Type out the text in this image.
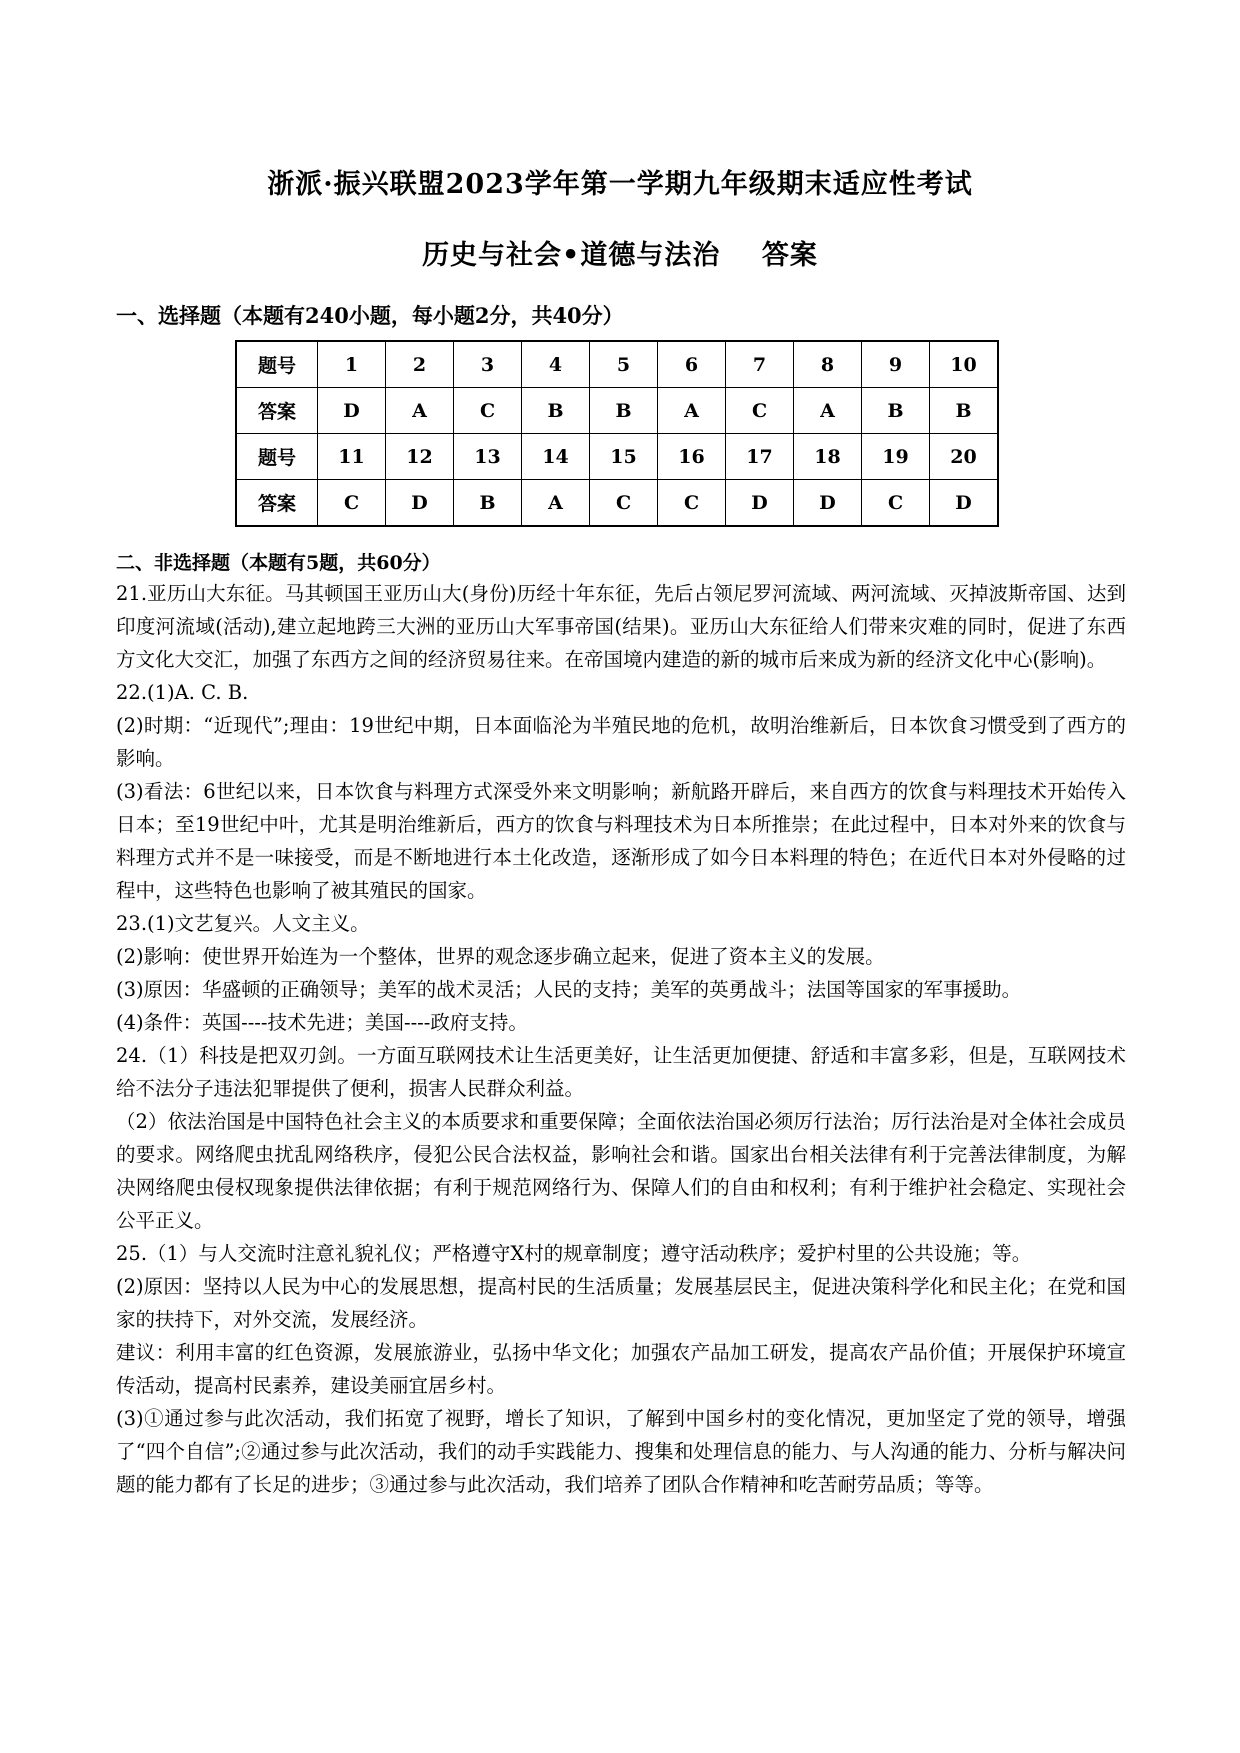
浙派·振兴联盟2023学年第一学期九年级期末适应性考试
历史与社会•道德与法治    答案
一、选择题（本题有240小题，每小题2分，共40分）
题号	1	2	3	4	5	6	7	8	9	10
答案	D	A	C	B	B	A	C	A	B	B
题号	11	12	13	14	15	16	17	18	19	20
答案	C	D	B	A	C	C	D	D	C	D
二、非选择题（本题有5题，共60分）

21.亚历山大东征。马其顿国王亚历山大(身份)历经十年东征，先后占领尼罗河流域、两河流域、灭掉波斯帝国、达到印度河流域(活动),建立起地跨三大洲的亚历山大军事帝国(结果)。亚历山大东征给人们带来灾难的同时，促进了东西方文化大交汇，加强了东西方之间的经济贸易往来。在帝国境内建造的新的城市后来成为新的经济文化中心(影响)。

22.(1)A. C. B.

(2)时期：“近现代”;理由：19世纪中期，日本面临沦为半殖民地的危机，故明治维新后，日本饮食习惯受到了西方的影响。

(3)看法：6世纪以来，日本饮食与料理方式深受外来文明影响；新航路开辟后，来自西方的饮食与料理技术开始传入日本；至19世纪中叶，尤其是明治维新后，西方的饮食与料理技术为日本所推崇；在此过程中，日本对外来的饮食与料理方式并不是一味接受，而是不断地进行本土化改造，逐渐形成了如今日本料理的特色；在近代日本对外侵略的过程中，这些特色也影响了被其殖民的国家。

23.(1)文艺复兴。人文主义。

(2)影响：使世界开始连为一个整体，世界的观念逐步确立起来，促进了资本主义的发展。

(3)原因：华盛顿的正确领导；美军的战术灵活；人民的支持；美军的英勇战斗；法国等国家的军事援助。

(4)条件：英国----技术先进；美国----政府支持。

24.（1）科技是把双刃剑。一方面互联网技术让生活更美好，让生活更加便捷、舒适和丰富多彩，但是，互联网技术给不法分子违法犯罪提供了便利，损害人民群众利益。

（2）依法治国是中国特色社会主义的本质要求和重要保障；全面依法治国必须厉行法治；厉行法治是对全体社会成员的要求。网络爬虫扰乱网络秩序，侵犯公民合法权益，影响社会和谐。国家出台相关法律有利于完善法律制度，为解决网络爬虫侵权现象提供法律依据；有利于规范网络行为、保障人们的自由和权利；有利于维护社会稳定、实现社会公平正义。

25.（1）与人交流时注意礼貌礼仪；严格遵守X村的规章制度；遵守活动秩序；爱护村里的公共设施；等。

(2)原因：坚持以人民为中心的发展思想，提高村民的生活质量；发展基层民主，促进决策科学化和民主化；在党和国家的扶持下，对外交流，发展经济。

建议：利用丰富的红色资源，发展旅游业，弘扬中华文化；加强农产品加工研发，提高农产品价值；开展保护环境宣传活动，提高村民素养，建设美丽宜居乡村。

(3)①通过参与此次活动，我们拓宽了视野，增长了知识，了解到中国乡村的变化情况，更加坚定了党的领导，增强了“四个自信”;②通过参与此次活动，我们的动手实践能力、搜集和处理信息的能力、与人沟通的能力、分析与解决问题的能力都有了长足的进步；③通过参与此次活动，我们培养了团队合作精神和吃苦耐劳品质；等等。
